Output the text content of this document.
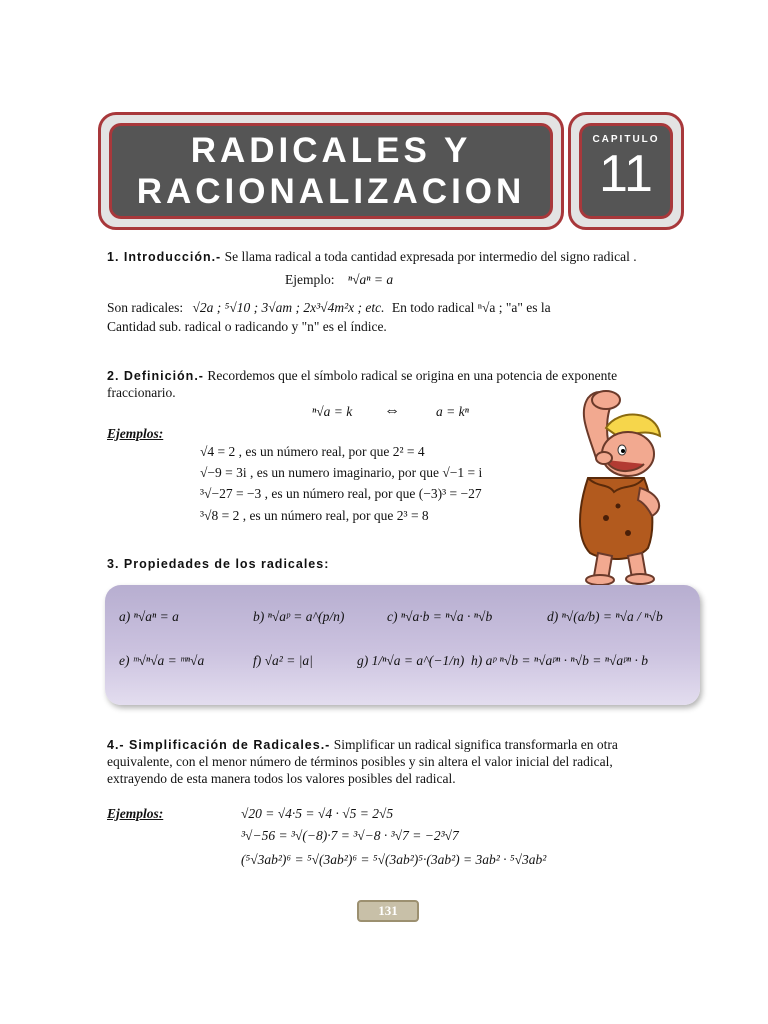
RADICALES Y
RACIONALIZACION
CAPITULO
11
1. Introducción.- Se llama radical a toda cantidad expresada por intermedio del signo radical .
Ejemplo: ⁿ√aⁿ = a
Son radicales: √2a ; ⁵√10 ; 3√am ; 2x³√4m²x ; etc. En todo radical ⁿ√a ; "a" es la
Cantidad sub. radical o radicando y "n" es el índice.
2. Definición.- Recordemos que el símbolo radical se origina en una potencia de exponente
fraccionario.
ⁿ√a = k ⇔	a = kⁿ
Ejemplos:
√4 = 2 , es un número real, por que 2² = 4
√−9 = 3i , es un numero imaginario, por que √−1 = i
³√−27 = −3 , es un número real, por que (−3)³ = −27
³√8 = 2 , es un número real, por que 2³ = 8
3. Propiedades de los radicales:
a) ⁿ√aⁿ = a	b) ⁿ√aᵖ = a^(p/n)	c) ⁿ√a·b = ⁿ√a · ⁿ√b	d) ⁿ√(a/b) = ⁿ√a / ⁿ√b
e) ᵐ√ⁿ√a = ᵐⁿ√a	f) √a² = |a|	g) 1/ⁿ√a = a^(−1/n) h) aᵖ ⁿ√b = ⁿ√aᵖⁿ · ⁿ√b = ⁿ√aᵖⁿ · b
4.- Simplificación de Radicales.- Simplificar un radical significa transformarla en otra
equivalente, con el menor número de términos posibles y sin altera el valor inicial del radical,
extrayendo de esta manera todos los valores posibles del radical.
Ejemplos:	√20 = √4·5 = √4 · √5 = 2√5
³√−56 = ³√(−8)·7 = ³√−8 · ³√7 = −2³√7
(⁵√3ab²)⁶ = ⁵√(3ab²)⁶ = ⁵√(3ab²)⁵·(3ab²) = 3ab² · ⁵√3ab²
131
